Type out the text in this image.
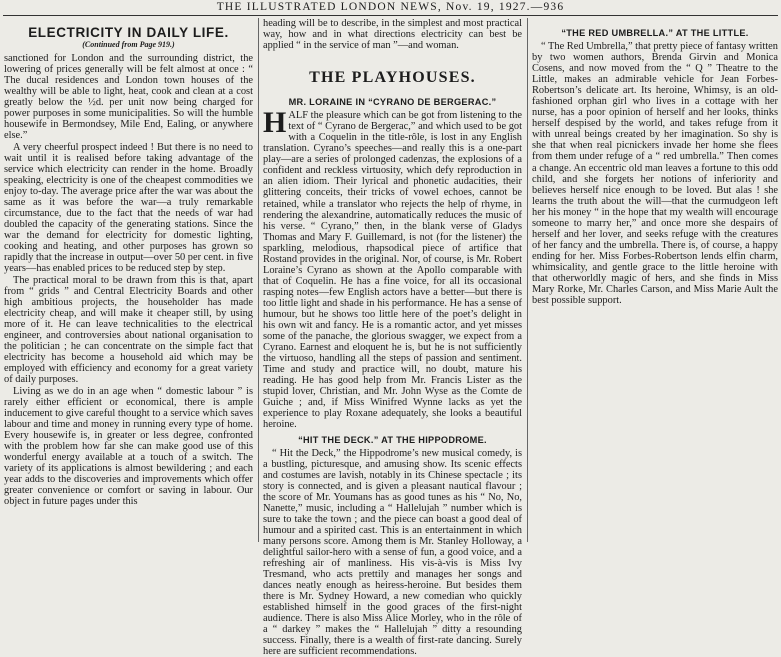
THE ILLUSTRATED LONDON NEWS, Nov. 19, 1927.—936
ELECTRICITY IN DAILY LIFE.
(Continued from Page 919.)

sanctioned for London and the surrounding district, the lowering of prices generally will be felt almost at once : “ The ducal residences and London town houses of the wealthy will be able to light, heat, cook and clean at a cost greatly below the ½d. per unit now being charged for power purposes in some municipalities. So will the humble housewife in Bermondsey, Mile End, Ealing, or anywhere else.”

A very cheerful prospect indeed ! But there is no need to wait until it is realised before taking advantage of the service which electricity can render in the home. Broadly speaking, electricity is one of the cheapest commodities we enjoy to-day. The average price after the war was about the same as it was before the war—a truly remarkable circumstance, due to the fact that the needs of war had doubled the capacity of the generating stations. Since the war the demand for electricity for domestic lighting, cooking and heating, and other purposes has grown so rapidly that the increase in output—over 50 per cent. in five years—has enabled prices to be reduced step by step.

The practical moral to be drawn from this is that, apart from “ grids ” and Central Electricity Boards and other high ambitious projects, the householder has made electricity cheap, and will make it cheaper still, by using more of it. He can leave technicalities to the electrical engineer, and controversies about national organisation to the politician ; he can concentrate on the simple fact that electricity has become a household aid which may be employed with efficiency and economy for a great variety of daily purposes.

Living as we do in an age when “ domestic labour ” is rarely either efficient or economical, there is ample inducement to give careful thought to a service which saves labour and time and money in running every type of home. Every housewife is, in greater or less degree, confronted with the problem how far she can make good use of this wonderful energy available at a touch of a switch. The variety of its applications is almost bewildering ; and each year adds to the discoveries and improvements which offer greater convenience or comfort or saving in labour. Our object in future pages under this

heading will be to describe, in the simplest and most practical way, how and in what directions electricity can best be applied “ in the service of man ”—and woman.

THE PLAYHOUSES.
MR. LORAINE IN “CYRANO DE BERGERAC.”

HALF the pleasure which can be got from listening to the text of “ Cyrano de Bergerac,” and which used to be got with a Coquelin in the title-rôle, is lost in any English translation. Cyrano’s speeches—and really this is a one-part play—are a series of prolonged cadenzas, the explosions of a confident and reckless virtuosity, which defy reproduction in an alien idiom. Their lyrical and phonetic audacities, their glittering conceits, their tricks of vowel echoes, cannot be retained, while a translator who rejects the help of rhyme, in rendering the alexandrine, automatically reduces the music of his verse. “ Cyrano,” then, in the blank verse of Gladys Thomas and Mary F. Guillemard, is not (for the listener) the sparkling, melodious, rhapsodical piece of artifice that Rostand provides in the original. Nor, of course, is Mr. Robert Loraine’s Cyrano as shown at the Apollo comparable with that of Coquelin. He has a fine voice, for all its occasional rasping notes—few English actors have a better—but there is too little light and shade in his performance. He has a sense of humour, but he shows too little here of the poet’s delight in his own wit and fancy. He is a romantic actor, and yet misses some of the panache, the glorious swagger, we expect from a Cyrano. Earnest and eloquent he is, but he is not sufficiently the virtuoso, handling all the steps of passion and sentiment. Time and study and practice will, no doubt, mature his reading. He has good help from Mr. Francis Lister as the stupid lover, Christian, and Mr. John Wyse as the Comte de Guiche ; and, if Miss Winifred Wynne lacks as yet the experience to play Roxane adequately, she looks a beautiful heroine.

“HIT THE DECK.” AT THE HIPPODROME.

“ Hit the Deck,” the Hippodrome’s new musical comedy, is a bustling, picturesque, and amusing show. Its scenic effects and costumes are lavish, notably in its Chinese spectacle ; its story is connected, and is given a pleasant nautical flavour ; the score of Mr. Youmans has as good tunes as his “ No, No, Nanette,” music, including a “ Hallelujah ” number which is sure to take the town ; and the piece can boast a good deal of humour and a spirited cast. This is an entertainment in which many persons score. Among them is Mr. Stanley Holloway, a delightful sailor-hero with a sense of fun, a good voice, and a refreshing air of manliness. His vis-à-vis is Miss Ivy Tresmand, who acts prettily and manages her songs and dances neatly enough as heiress-heroine. But besides them there is Mr. Sydney Howard, a new comedian who quickly established himself in the good graces of the first-night audience. There is also Miss Alice Morley, who in the rôle of a “ darkey ” makes the “ Hallelujah ” ditty a resounding success. Finally, there is a wealth of first-rate dancing. Surely here are sufficient recommendations.

“THE RED UMBRELLA.” AT THE LITTLE.

“ The Red Umbrella,” that pretty piece of fantasy written by two women authors, Brenda Girvin and Monica Cosens, and now moved from the “ Q ” Theatre to the Little, makes an admirable vehicle for Jean Forbes-Robertson’s delicate art. Its heroine, Whimsy, is an old-fashioned orphan girl who lives in a cottage with her nurse, has a poor opinion of herself and her looks, thinks herself despised by the world, and takes refuge from it with unreal beings created by her imagination. So shy is she that when real picnickers invade her home she flees from them under refuge of a “ red umbrella.” Then comes a change. An eccentric old man leaves a fortune to this odd child, and she forgets her notions of inferiority and believes herself nice enough to be loved. But alas ! she learns the truth about the will—that the curmudgeon left her his money “ in the hope that my wealth will encourage someone to marry her,” and once more she despairs of herself and her lover, and seeks refuge with the creatures of her fancy and the umbrella. There is, of course, a happy ending for her. Miss Forbes-Robertson lends elfin charm, whimsicality, and gentle grace to the little heroine with that otherworldly magic of hers, and she finds in Miss Mary Rorke, Mr. Charles Carson, and Miss Marie Ault the best possible support.
